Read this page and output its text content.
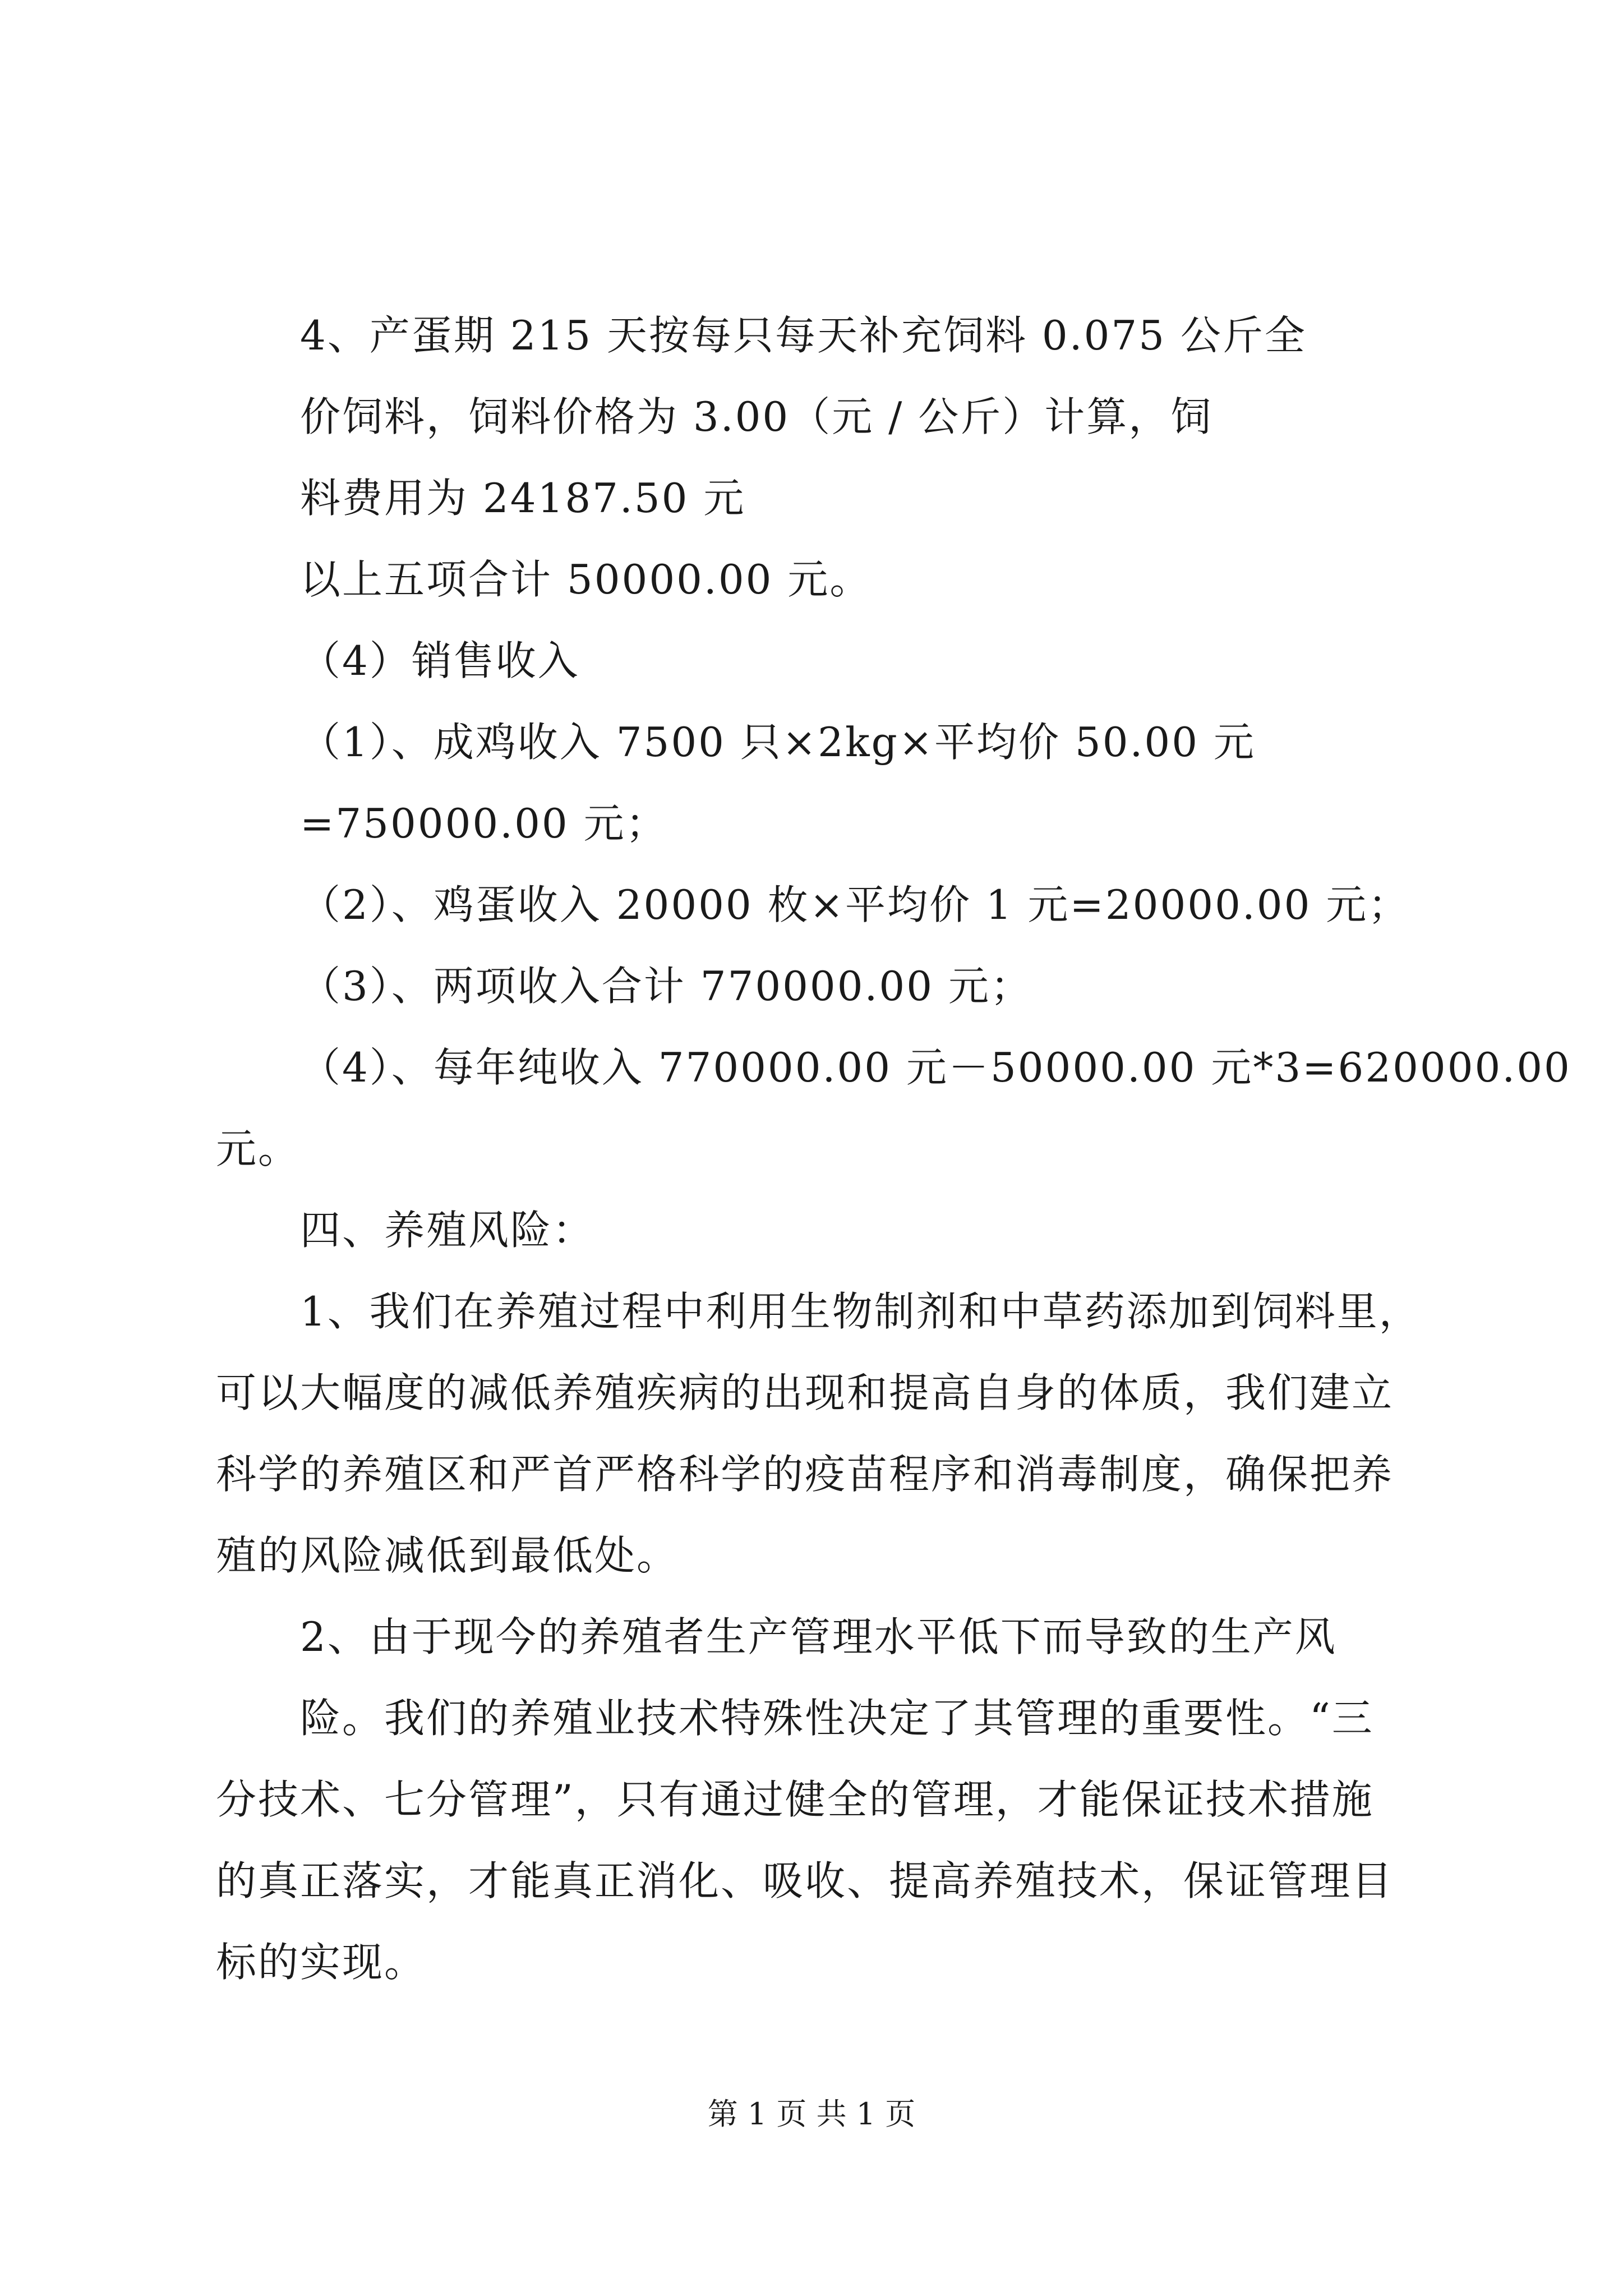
4、产蛋期 215 天按每只每天补充饲料 0.075 公斤全
价饲料，饲料价格为 3.00（元 / 公斤）计算，饲
料费用为 24187.50 元
以上五项合计 50000.00 元。
（4）销售收入
（1）、成鸡收入 7500 只×2kg×平均价 50.00 元
=750000.00 元；
（2）、鸡蛋收入 20000 枚×平均价 1 元=20000.00 元；
（3）、两项收入合计 770000.00 元；
（4）、每年纯收入 770000.00 元－50000.00 元*3=620000.00
元。
四、养殖风险：
1、我们在养殖过程中利用生物制剂和中草药添加到饲料里，
可以大幅度的减低养殖疾病的出现和提高自身的体质，我们建立
科学的养殖区和严首严格科学的疫苗程序和消毒制度，确保把养
殖的风险减低到最低处。
2、由于现今的养殖者生产管理水平低下而导致的生产风
险。我们的养殖业技术特殊性决定了其管理的重要性。“三
分技术、七分管理”，只有通过健全的管理，才能保证技术措施
的真正落实，才能真正消化、吸收、提高养殖技术，保证管理目
标的实现。
第 1 页 共 1 页
